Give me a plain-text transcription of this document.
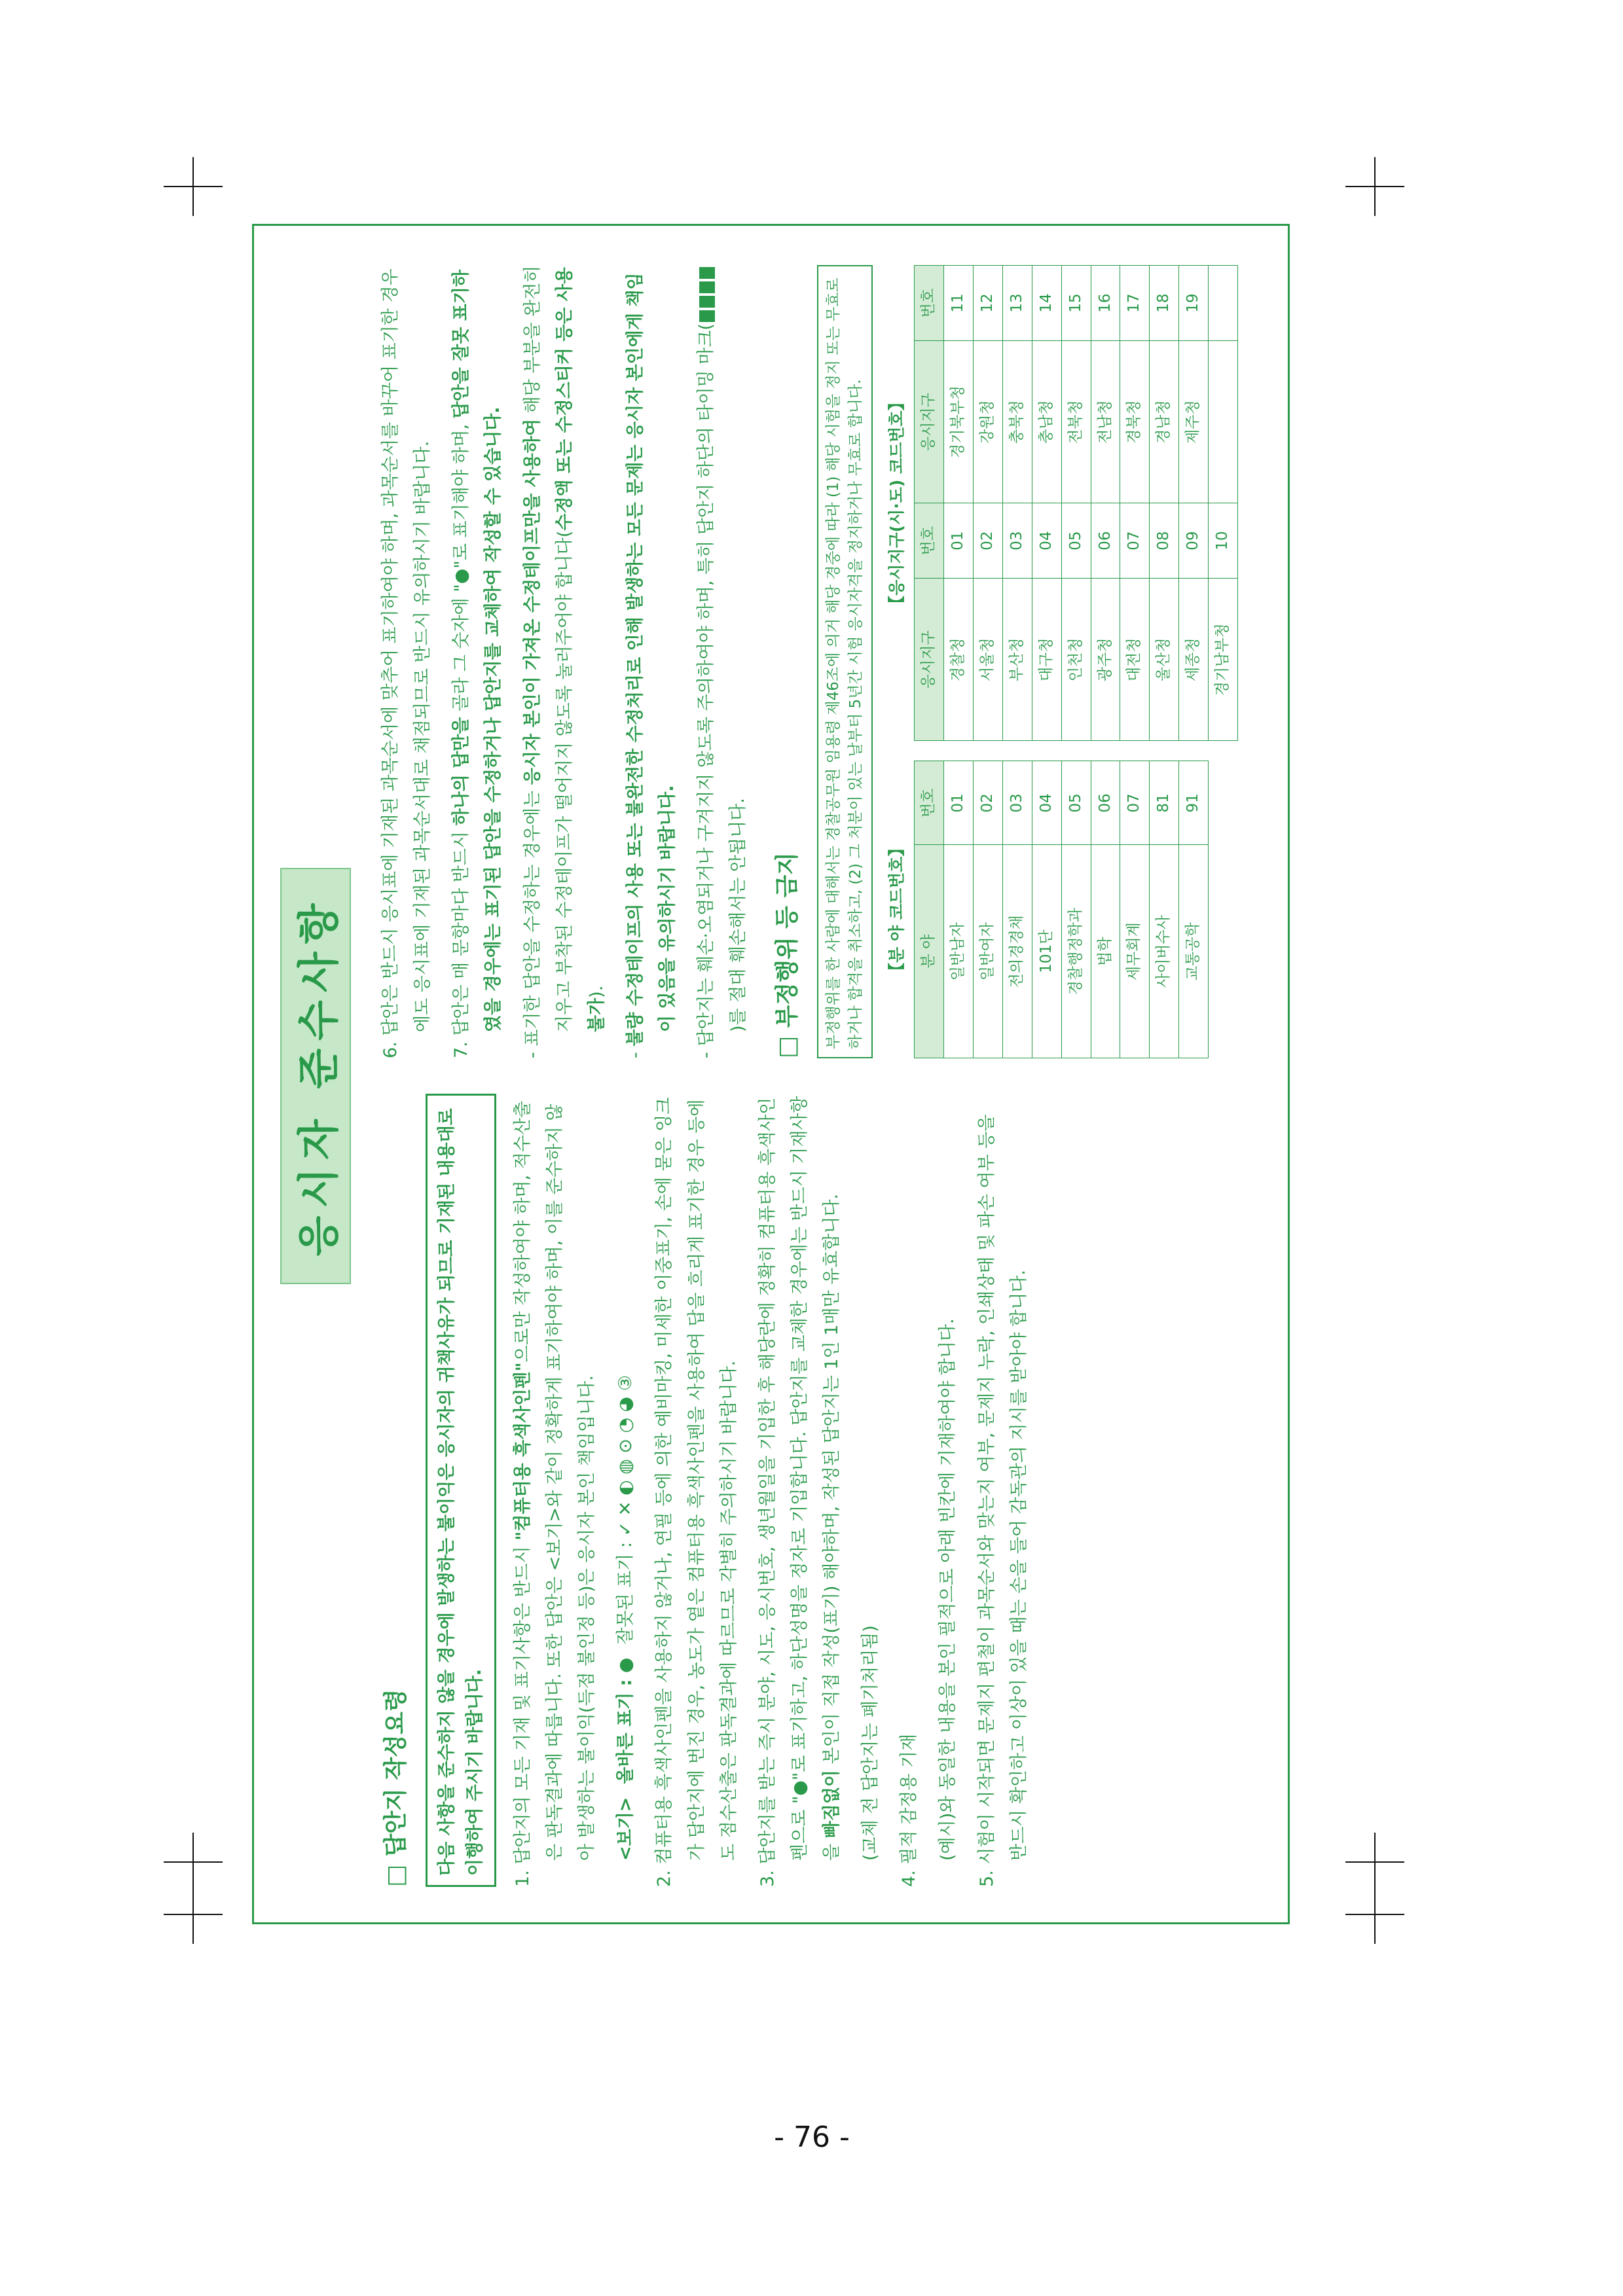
응시자 준수사항
□ 답안지 작성요령	다음 사항을 준수하지 않을 경우에 발생하는 불이익은 응시자의 귀책사유가 되므로 기재된 내용대로 이행하여 주시기 바랍니다.	1. 답안지의 모든 기재 및 표기사항은 반드시 "컴퓨터용 흑색사인펜"으로만 작성하여야 하며, 적수산출은 판독결과에 따릅니다. 또한 답안은 <보기>와 같이 정확하게 표기하여야 하며, 이를 준수하지 않아 발생하는 불이익(득점 불인정 등)은 응시자 본인 책임입니다.	<보기>올바른 표기 : ●잘못된 표기 : ✓ ✕ ◐ ◍ ⊙ ◔ ◕ ③	2. 컴퓨터용 흑색사인펜을 사용하지 않거나, 연필 등에 의한 예비마킹, 미세한 이중표기, 손에 묻은 잉크가 답안지에 번진 경우, 농도가 옅은 컴퓨터용 흑색사인펜을 사용하여 답을 흐리게 표기한 경우 등에도 점수산출은 판독결과에 따르므로 각별히 주의하시기 바랍니다.	3. 답안지를 받는 즉시 분야, 시도, 응시번호, 생년월일을 기입한 후 해당란에 정확히 컴퓨터용 흑색사인펜으로 "●"로 표기하고, 하단성명을 정자로 기입합니다. 답안지를 교체한 경우에는 반드시 기재사항을 빠짐없이 본인이 직접 작성(표기) 해야하며, 작성된 답안지는 1인 1매만 유효합니다.	(교체 전 답안지는 폐기처리됨)	4. 필적 감정용 기재	(예시)와 동일한 내용을 본인 필적으로 아래 빈칸에 기재하여야 합니다.	5. 시험이 시작되면 문제지 편철이 과목순서와 맞는지 여부, 문제지 누락, 인쇄상태 및 파손 여부 등을 반드시 확인하고 이상이 있을 때는 손을 들어 감독관의 지시를 받아야 합니다.

6. 답안은 반드시 응시표에 기재된 과목순서에 맞추어 표기하여야 하며, 과목순서를 바꾸어 표기한 경우에도 응시표에 기재된 과목순서대로 채점되므로 반드시 유의하시기 바랍니다.	7. 답안은 매 문항마다 반드시 하나의 답만을 골라 그 숫자에 "●"로 표기해야 하며, 답안을 잘못 표기하였을 경우에는 표기된 답안을 수정하거나 답안지를 교체하여 작성할 수 있습니다.	- 표기한 답안을 수정하는 경우에는 응시자 본인이 가져온 수정테이프만을 사용하여 해당 부분을 완전히 지우고 부착된 수정테이프가 떨어지지 않도록 눌러주어야 합니다(수정액 또는 수정스티커 등은 사용 불가).

- 불량 수정테이프의 사용 또는 불완전한 수정처리로 인해 발생하는 모든 문제는 응시자 본인에게 책임이 있음을 유의하시기 바랍니다.	- 답안지는 훼손·오염되거나 구겨지지 않도록 주의하여야 하며, 특히 답안지 하단의 타이밍 마크( )를 절대 훼손해서는 안됩니다.	□ 부정행위 등 금지	부정행위를 한 사람에 대해서는 경찰공무원 임용령 제46조에 의거 해당 경중에 따라 (1) 해당 시험을 정지 또는 무효로 하거나 합격을 취소하고, (2) 그 처분이 있는 날부터 5년간 시험 응시자격을 정지하거나 무효로 합니다.	【분 야 코드번호】 분 야	번호
일반남자	01
일반여자	02
전의경경채	03
101단	04
경찰행정학과	05
법학	06
세무회계	07
사이버수사	81
교통공학	91
【응시지구(시·도) 코드번호】
응시지구	번호	응시지구	번호
경찰청	01	경기북부청	11
서울청	02	강원청	12
부산청	03	충북청	13
대구청	04	충남청	14
인천청	05	전북청	15
광주청	06	전남청	16
대전청	07	경북청	17
울산청	08	경남청	18
세종청	09	제주청	19
경기남부청	10		
- 76 -
